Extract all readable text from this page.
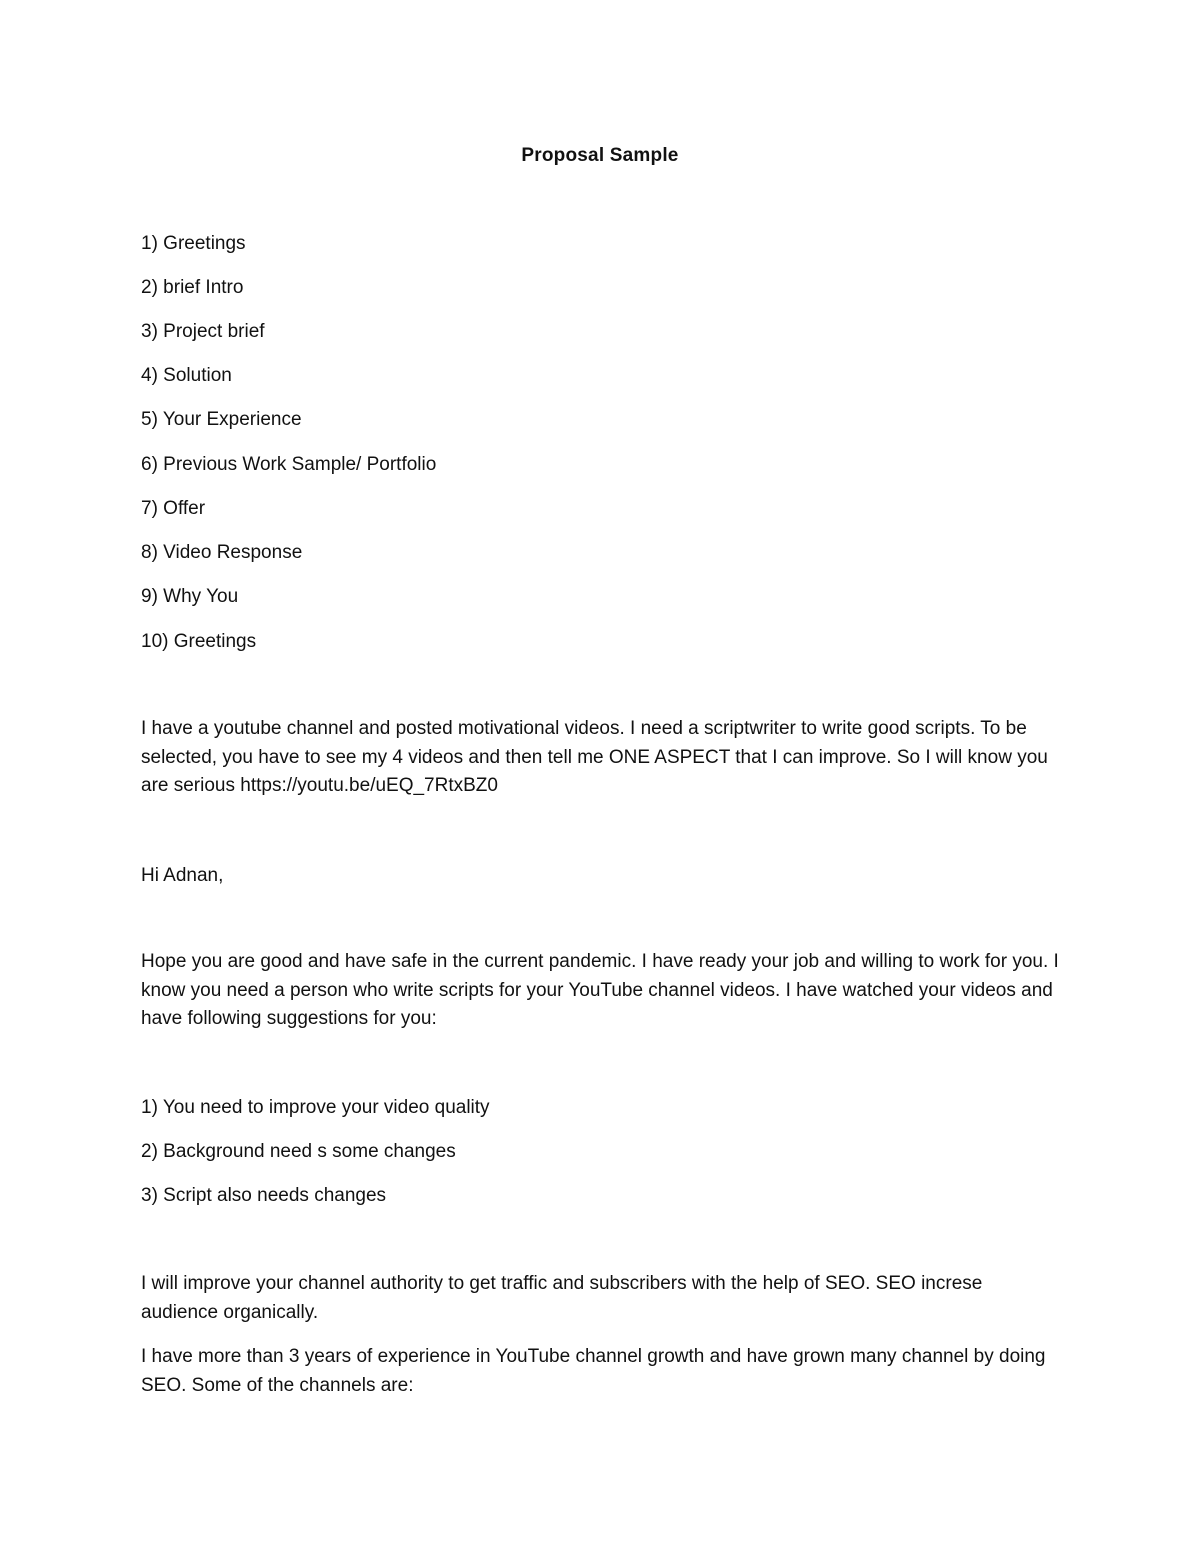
Proposal Sample
1) Greetings
2) brief Intro
3) Project brief
4) Solution
5) Your Experience
6) Previous Work Sample/ Portfolio
7) Offer
8) Video Response
9) Why You
10) Greetings
I have a youtube channel and posted motivational videos. I need a scriptwriter to write good scripts. To be selected, you have to see my 4 videos and then tell me ONE ASPECT that I can improve. So I will know you are serious https://youtu.be/uEQ_7RtxBZ0
Hi Adnan,
Hope you are good and have safe in the current pandemic. I have ready your job and willing to work for you. I know you need a person who write scripts for your YouTube channel videos. I have watched your videos and have following suggestions for you:
1) You need to improve your video quality
2) Background need s some changes
3) Script also needs changes
I will improve your channel authority to get traffic and subscribers with the help of SEO. SEO increse audience organically.
I have more than 3 years of experience in YouTube channel growth and have grown many channel by doing SEO. Some of the channels are:
